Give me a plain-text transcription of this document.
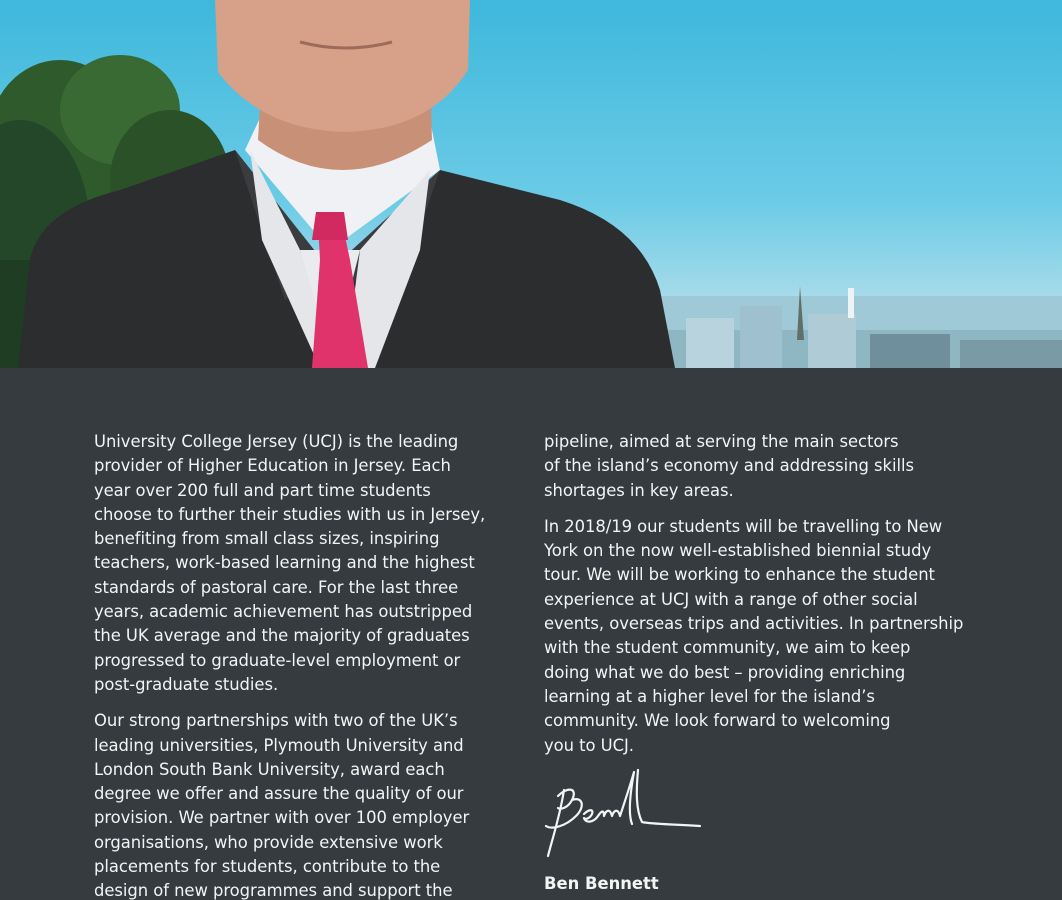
University College Jersey (UCJ) is the leading
provider of Higher Education in Jersey. Each
year over 200 full and part time students
choose to further their studies with us in Jersey,
benefiting from small class sizes, inspiring
teachers, work-based learning and the highest
standards of pastoral care. For the last three
years, academic achievement has outstripped
the UK average and the majority of graduates
progressed to graduate-level employment or
post-graduate studies.

Our strong partnerships with two of the UK’s
leading universities, Plymouth University and
London South Bank University, award each
degree we offer and assure the quality of our
provision. We partner with over 100 employer
organisations, who provide extensive work
placements for students, contribute to the
design of new programmes and support the

pipeline, aimed at serving the main sectors
of the island’s economy and addressing skills
shortages in key areas.

In 2018/19 our students will be travelling to New
York on the now well-established biennial study
tour. We will be working to enhance the student
experience at UCJ with a range of other social
events, overseas trips and activities. In partnership
with the student community, we aim to keep
doing what we do best – providing enriching
learning at a higher level for the island’s
community. We look forward to welcoming
you to UCJ.

Ben Bennett
